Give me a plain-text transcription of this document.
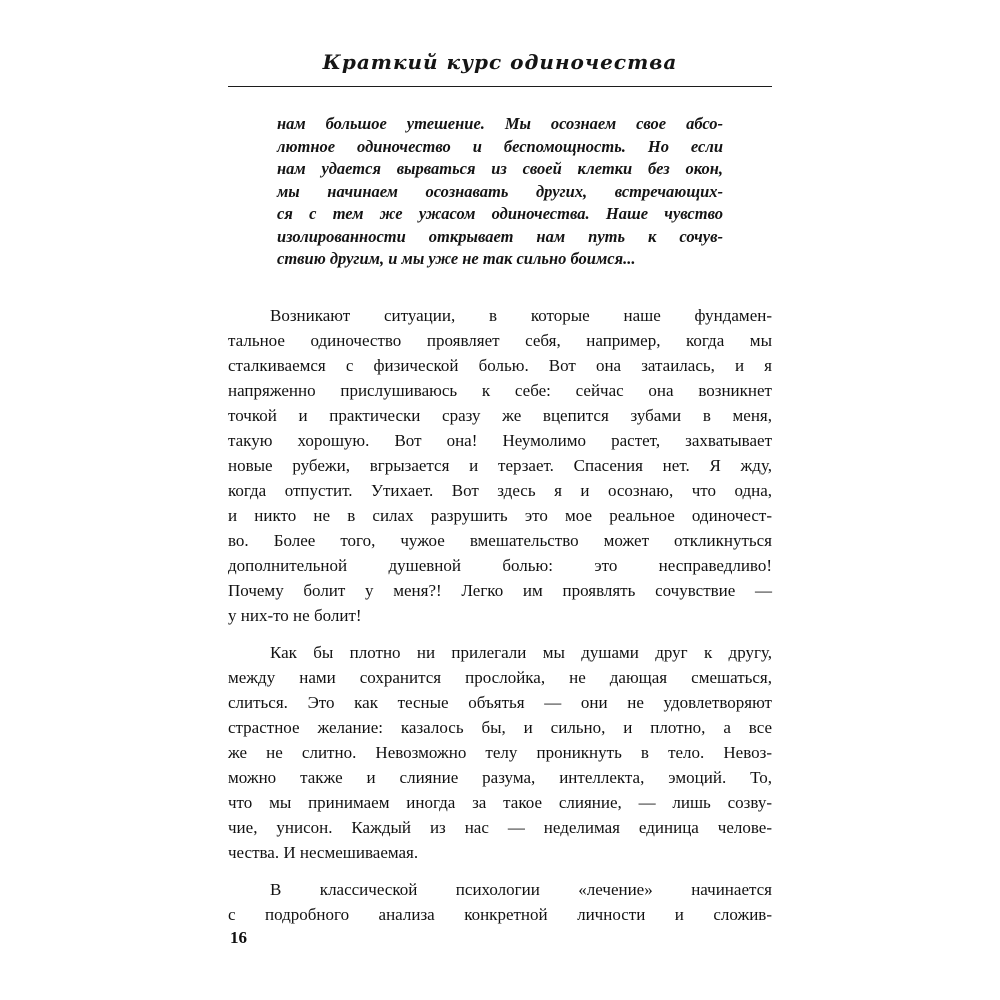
Краткий курс одиночества
нам большое утешение. Мы осознаем свое абсо-
лютное одиночество и беспомощность. Но если
нам удается вырваться из своей клетки без окон,
мы начинаем осознавать других, встречающих-
ся с тем же ужасом одиночества. Наше чувство
изолированности открывает нам путь к сочув-
ствию другим, и мы уже не так сильно боимся...
Возникают ситуации, в которые наше фундамен-
тальное одиночество проявляет себя, например, когда мы
сталкиваемся с физической болью. Вот она затаилась, и я
напряженно прислушиваюсь к себе: сейчас она возникнет
точкой и практически сразу же вцепится зубами в меня,
такую хорошую. Вот она! Неумолимо растет, захватывает
новые рубежи, вгрызается и терзает. Спасения нет. Я жду,
когда отпустит. Утихает. Вот здесь я и осознаю, что одна,
и никто не в силах разрушить это мое реальное одиночест-
во. Более того, чужое вмешательство может откликнуться
дополнительной душевной болью: это несправедливо!
Почему болит у меня?! Легко им проявлять сочувствие —
у них-то не болит!
Как бы плотно ни прилегали мы душами друг к другу,
между нами сохранится прослойка, не дающая смешаться,
слиться. Это как тесные объятья — они не удовлетворяют
страстное желание: казалось бы, и сильно, и плотно, а все
же не слитно. Невозможно телу проникнуть в тело. Невоз-
можно также и слияние разума, интеллекта, эмоций. То,
что мы принимаем иногда за такое слияние, — лишь созву-
чие, унисон. Каждый из нас — неделимая единица челове-
чества. И несмешиваемая.
В классической психологии «лечение» начинается
с подробного анализа конкретной личности и сложив-
16
